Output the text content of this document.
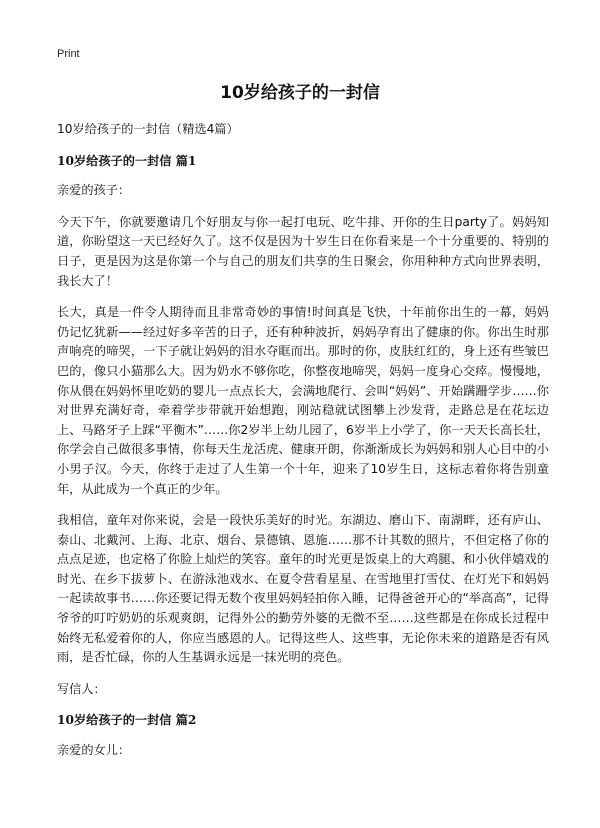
Print
10岁给孩子的一封信

10岁给孩子的一封信（精选4篇）

10岁给孩子的一封信 篇1

亲爱的孩子：

今天下午，你就要邀请几个好朋友与你一起打电玩、吃牛排、开你的生日party了。妈妈知道，你盼望这一天已经好久了。这不仅是因为十岁生日在你看来是一个十分重要的、特别的日子，更是因为这是你第一个与自己的朋友们共享的生日聚会，你用种种方式向世界表明，我长大了！

长大，真是一件令人期待而且非常奇妙的事情!时间真是飞快，十年前你出生的一幕，妈妈仍记忆犹新——经过好多辛苦的日子，还有种种波折，妈妈孕育出了健康的你。你出生时那声响亮的啼哭，一下子就让妈妈的泪水夺眶而出。那时的你，皮肤红红的，身上还有些皱巴巴的，像只小猫那么大。因为奶水不够你吃，你整夜地啼哭，妈妈一度身心交瘁。慢慢地，你从偎在妈妈怀里吃奶的婴儿一点点长大，会满地爬行、会叫“妈妈”、开始蹒跚学步……你对世界充满好奇，牵着学步带就开始想跑，刚站稳就试图攀上沙发背，走路总是在花坛边上、马路牙子上踩“平衡木”……你2岁半上幼儿园了，6岁半上小学了，你一天天长高长壮，你学会自己做很多事情，你每天生龙活虎、健康开朗，你渐渐成长为妈妈和别人心目中的小小男子汉。今天，你终于走过了人生第一个十年，迎来了10岁生日，这标志着你将告别童年，从此成为一个真正的少年。

我相信，童年对你来说，会是一段快乐美好的时光。东湖边、磨山下、南湖畔，还有庐山、泰山、北戴河、上海、北京、烟台、景德镇、恩施……那不计其数的照片，不但定格了你的点点足迹，也定格了你脸上灿烂的笑容。童年的时光更是饭桌上的大鸡腿、和小伙伴嬉戏的时光、在乡下拔萝卜、在游泳池戏水、在夏令营看星星、在雪地里打雪仗、在灯光下和妈妈一起读故事书……你还要记得无数个夜里妈妈轻拍你入睡，记得爸爸开心的“举高高”，记得爷爷的叮咛奶奶的乐观爽朗，记得外公的勤劳外婆的无微不至……这些都是在你成长过程中始终无私爱着你的人，你应当感恩的人。记得这些人、这些事，无论你未来的道路是否有风雨，是否忙碌，你的人生基调永远是一抹光明的亮色。

写信人：

10岁给孩子的一封信 篇2

亲爱的女儿：
